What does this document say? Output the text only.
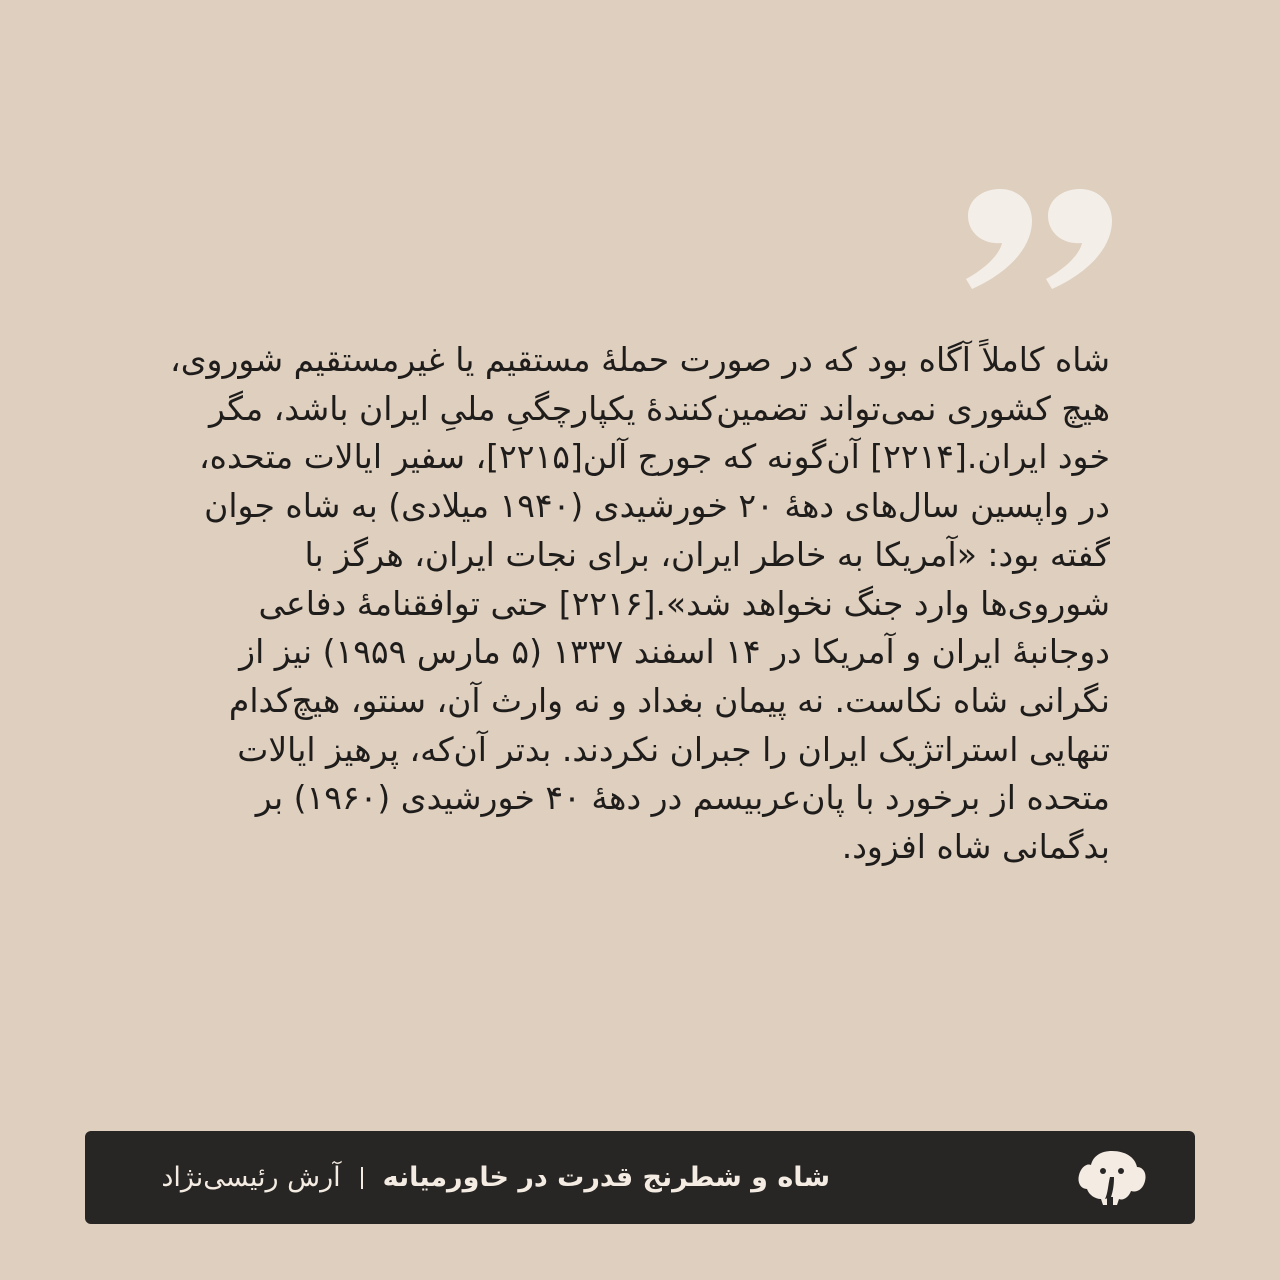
شاه کاملاً آگاه بود که در صورت حملهٔ مستقیم یا غیرمستقیم شوروی، هیچ کشوری نمی‌تواند تضمین‌کنندهٔ یکپارچگیِ ملیِ ایران باشد، مگر خود ایران.[۲۲۱۴] آن‌گونه که جورج آلن[۲۲۱۵]، سفیر ایالات متحده، در واپسین سال‌های دههٔ ۲۰ خورشیدی (۱۹۴۰ میلادی) به شاه جوان گفته بود: «آمریکا به خاطر ایران، برای نجات ایران، هرگز با شوروی‌ها وارد جنگ نخواهد شد».[۲۲۱۶] حتی توافقنامهٔ دفاعی دوجانبهٔ ایران و آمریکا در ۱۴ اسفند ۱۳۳۷ (۵ مارس ۱۹۵۹) نیز از نگرانی شاه نکاست. نه پیمان بغداد و نه وارث آن، سنتو، هیچ‌کدام تنهایی استراتژیک ایران را جبران نکردند. بدتر آن‌که، پرهیز ایالات متحده از برخورد با پان‌عربیسم در دههٔ ۴۰ خورشیدی (۱۹۶۰) بر بدگمانی شاه افزود.

شاه و شطرنج قدرت در خاورمیانه
آرش رئیسی‌نژاد
